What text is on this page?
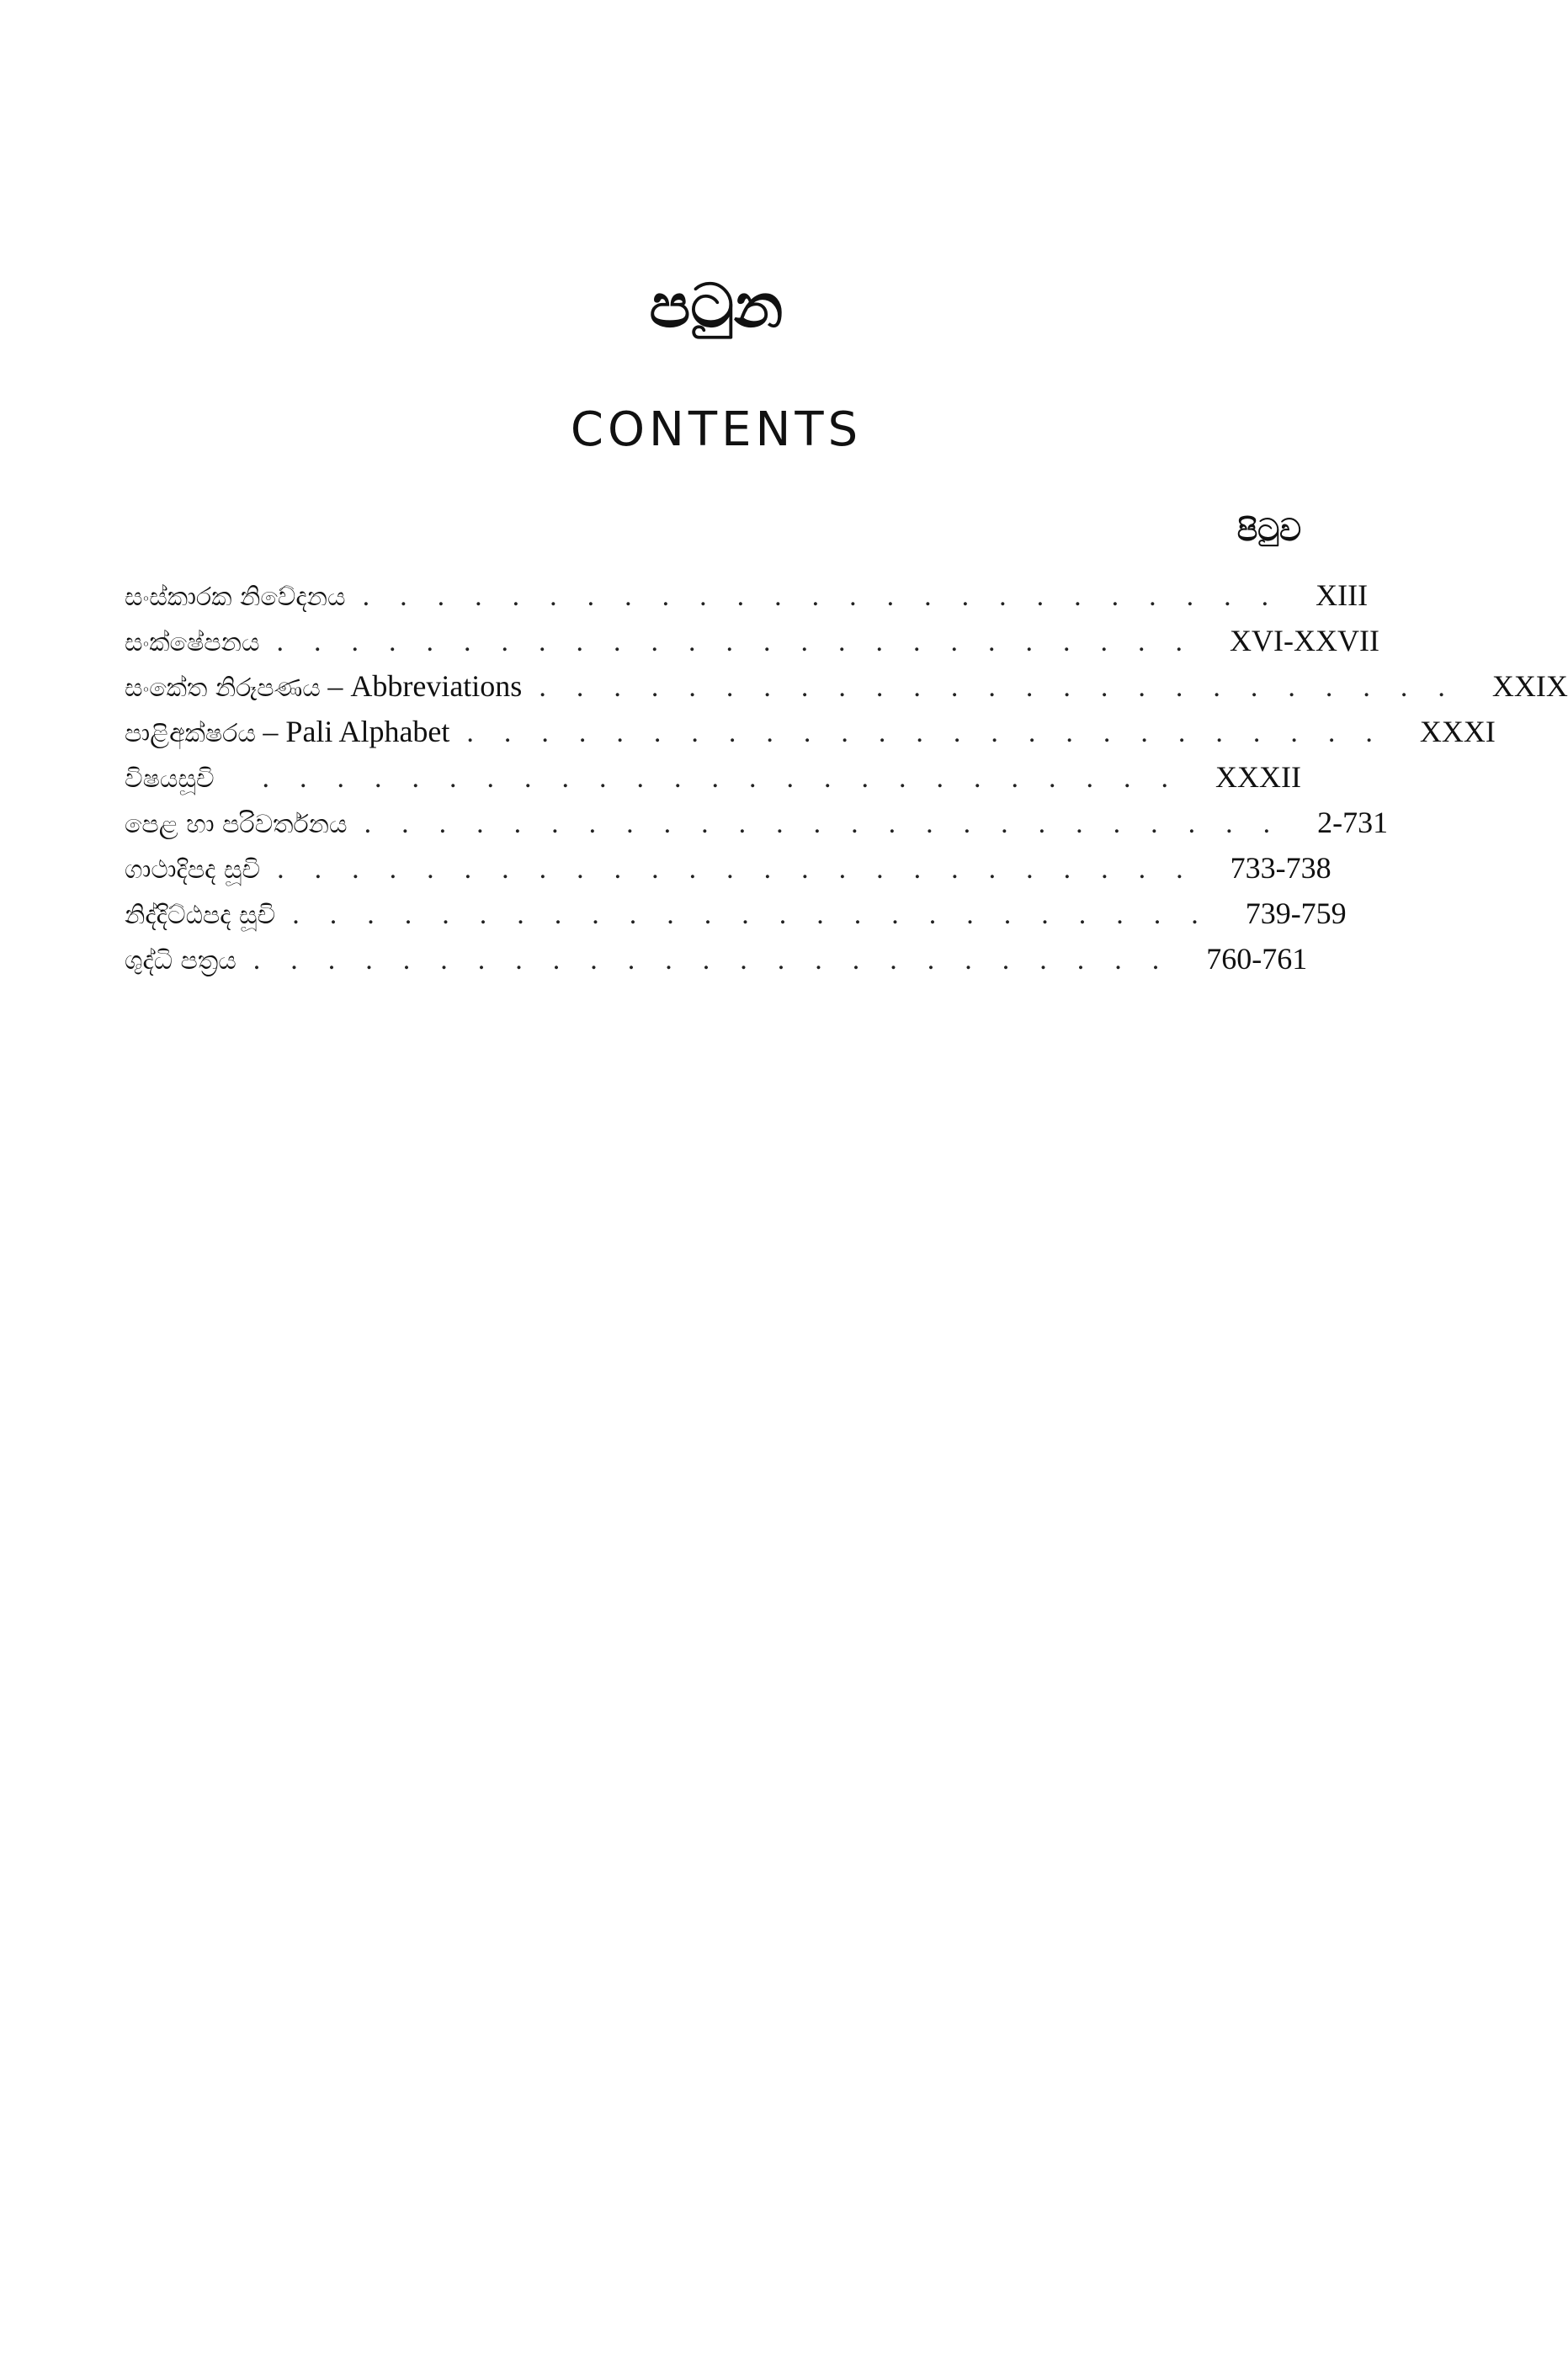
පටුන
CONTENTS
පිටුව
සංස්කාරක නිවේදනය ......................... XIII
සංක්ෂේපනය ......................... XVI-XXVII
සංකේත නිරූපණය – Abbreviations ......................... XXIX
පාළිඅක්ෂරය – Pali Alphabet ......................... XXXI
විෂයසූචි	......................... XXXII
පෙළ හා පරිවර්තනය ......................... 2-731
ගාථාදිපද සූචි ......................... 733-738
නිද්දිට්ඨපද සූචි ......................... 739-759
ශුද්ධි පත්‍රය ......................... 760-761
